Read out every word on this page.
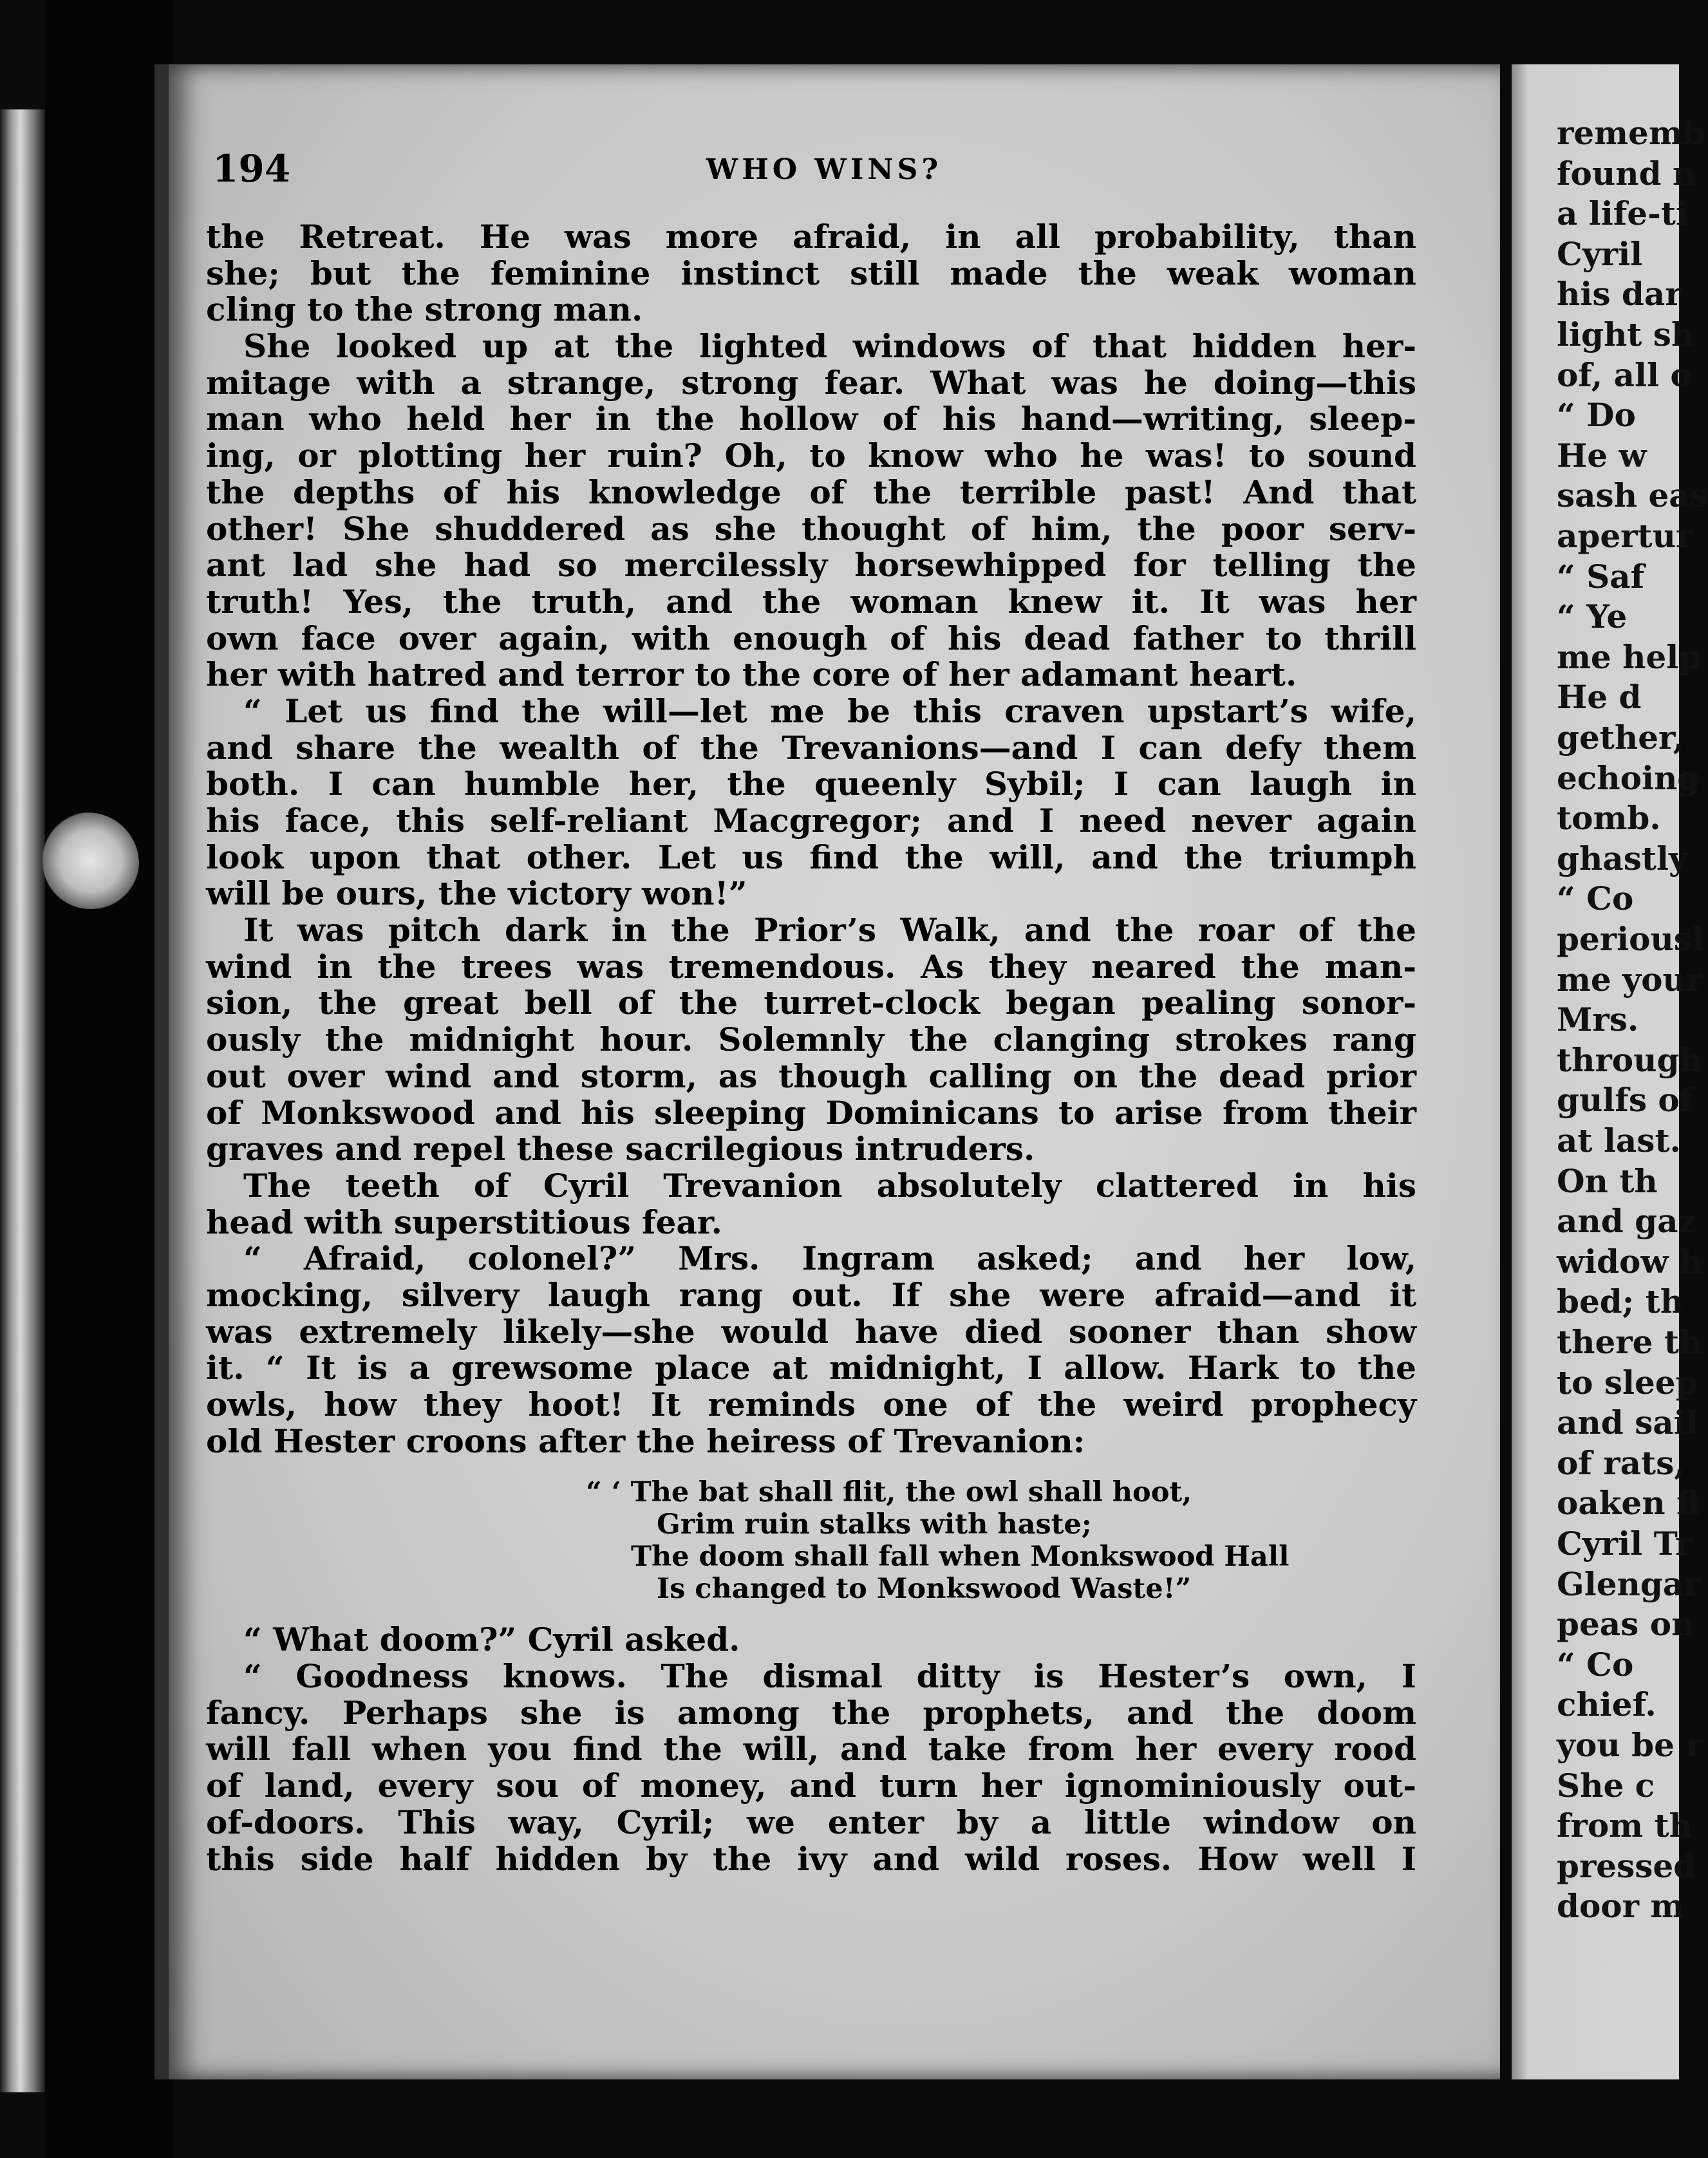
194	WHO WINS?
the Retreat. He was more afraid, in all probability, than
she; but the feminine instinct still made the weak woman
cling to the strong man.
She looked up at the lighted windows of that hidden her-
mitage with a strange, strong fear. What was he doing—this
man who held her in the hollow of his hand—writing, sleep-
ing, or plotting her ruin? Oh, to know who he was! to sound
the depths of his knowledge of the terrible past! And that
other! She shuddered as she thought of him, the poor serv-
ant lad she had so mercilessly horsewhipped for telling the
truth! Yes, the truth, and the woman knew it. It was her
own face over again, with enough of his dead father to thrill
her with hatred and terror to the core of her adamant heart.
“ Let us find the will—let me be this craven upstart’s wife,
and share the wealth of the Trevanions—and I can defy them
both. I can humble her, the queenly Sybil; I can laugh in
his face, this self-reliant Macgregor; and I need never again
look upon that other. Let us find the will, and the triumph
will be ours, the victory won!”
It was pitch dark in the Prior’s Walk, and the roar of the
wind in the trees was tremendous. As they neared the man-
sion, the great bell of the turret-clock began pealing sonor-
ously the midnight hour. Solemnly the clanging strokes rang
out over wind and storm, as though calling on the dead prior
of Monkswood and his sleeping Dominicans to arise from their
graves and repel these sacrilegious intruders.
The teeth of Cyril Trevanion absolutely clattered in his
head with superstitious fear.
“ Afraid, colonel?” Mrs. Ingram asked; and her low,
mocking, silvery laugh rang out. If she were afraid—and it
was extremely likely—she would have died sooner than show
it. “ It is a grewsome place at midnight, I allow. Hark to the
owls, how they hoot! It reminds one of the weird prophecy
old Hester croons after the heiress of Trevanion:
“ ‘ The bat shall flit, the owl shall hoot,
Grim ruin stalks with haste;
The doom shall fall when Monkswood Hall
Is changed to Monkswood Waste!”
“ What doom?” Cyril asked.
“ Goodness knows. The dismal ditty is Hester’s own, I
fancy. Perhaps she is among the prophets, and the doom
will fall when you find the will, and take from her every rood
of land, every sou of money, and turn her ignominiously out-
of-doors. This way, Cyril; we enter by a little window on
this side half hidden by the ivy and wild roses. How well I
rememb
found n
a life-ti
Cyril
his dar
light sh
of, all o
“ Do
He w
sash eas
apertur
“ Saf
“ Ye
me help
He d
gether,
echoing
tomb.
ghastly
“ Co
periousl
me your
Mrs.
through
gulfs of
at last.
On th
and gaz
widow h
bed; th
there th
to sleep
and sail
of rats,
oaken fl
Cyril Tr
Glengar
peas on
“ Co
chief.
you be r
She c
from th
pressed
door m
